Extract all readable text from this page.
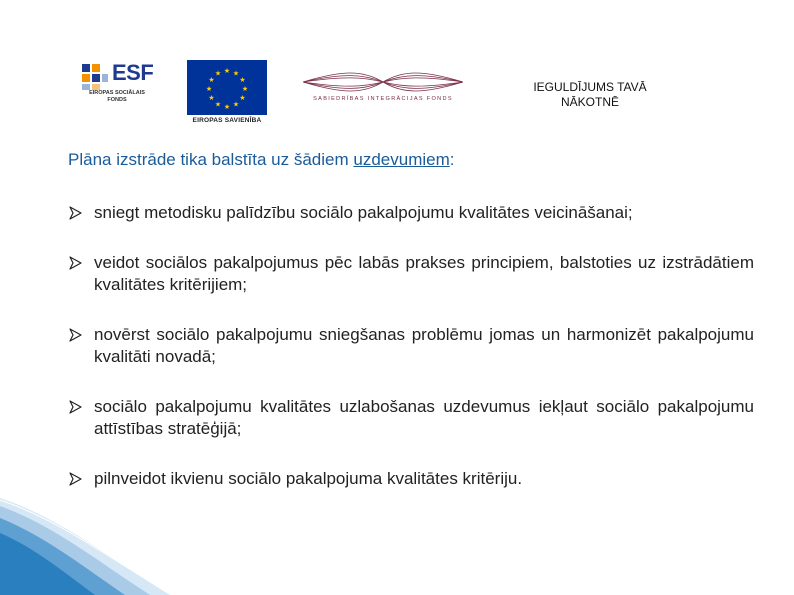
ESF
EIROPAS SOCIĀLAIS
FONDS
★ ★
★
★
★
★
★
★
★
★
★
★
EIROPAS SAVIENĪBA
SABIEDRĪBAS INTEGRĀCIJAS FONDS
IEGULDĪJUMS TAVĀ
NĀKOTNĒ
Plāna izstrāde tika balstīta uz šādiem uzdevumiem:
sniegt metodisku palīdzību sociālo pakalpojumu kvalitātes veicināšanai;
veidot sociālos pakalpojumus pēc labās prakses principiem, balstoties uz izstrādātiem kvalitātes kritērijiem;
novērst sociālo pakalpojumu sniegšanas problēmu jomas un harmonizēt pakalpojumu kvalitāti novadā;
sociālo pakalpojumu kvalitātes uzlabošanas uzdevumus iekļaut sociālo pakalpojumu attīstības stratēģijā;
pilnveidot ikvienu sociālo pakalpojuma kvalitātes kritēriju.
